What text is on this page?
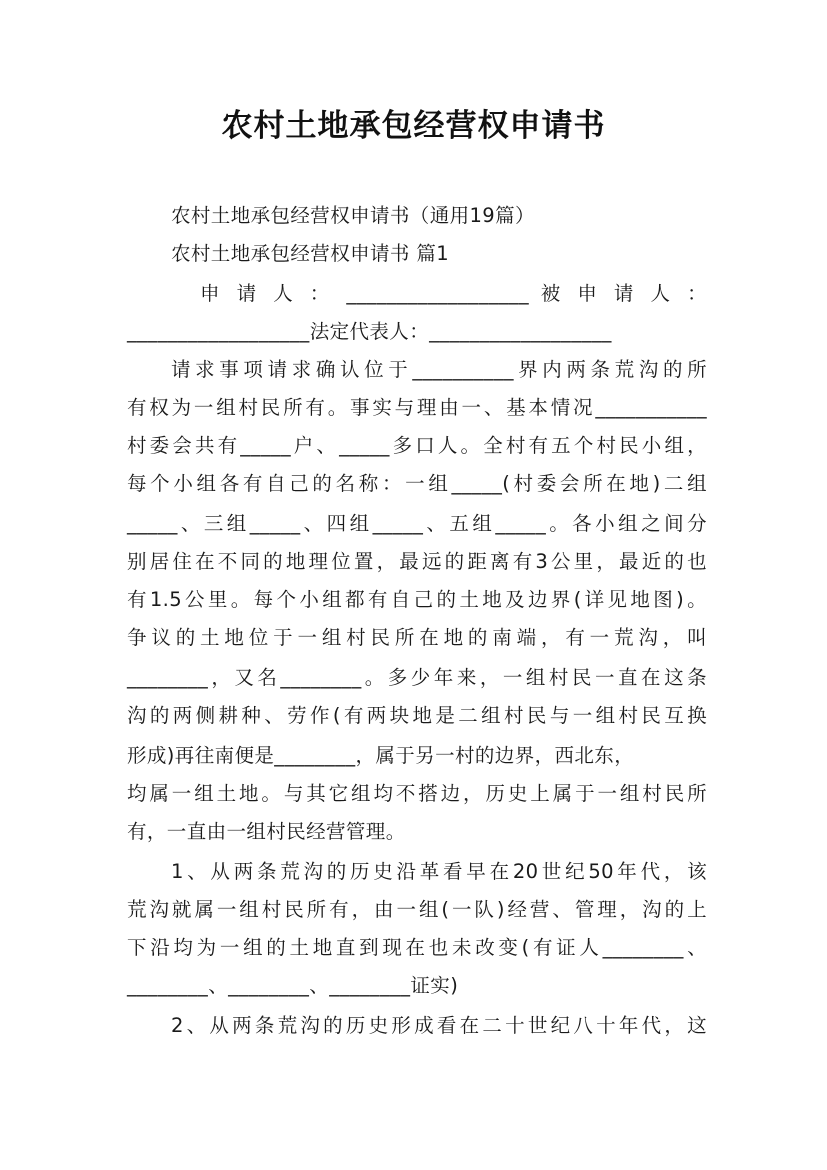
农村土地承包经营权申请书
农村土地承包经营权申请书（通用19篇）
农村土地承包经营权申请书 篇1
申 请 人 ： __________________ 被 申 请 人 ：
__________________法定代表人：__________________
请求事项请求确认位于__________界内两条荒沟的所
有权为一组村民所有。事实与理由一、基本情况___________
村委会共有_____户、_____多口人。全村有五个村民小组，
每个小组各有自己的名称：一组_____(村委会所在地)二组
_____、三组_____、四组_____、五组_____。各小组之间分
别居住在不同的地理位置，最远的距离有3公里，最近的也
有1.5公里。每个小组都有自己的土地及边界(详见地图)。
争议的土地位于一组村民所在地的南端，有一荒沟，叫
________，又名________。多少年来，一组村民一直在这条
沟的两侧耕种、劳作(有两块地是二组村民与一组村民互换
形成)再往南便是________，属于另一村的边界，西北东，
均属一组土地。与其它组均不搭边，历史上属于一组村民所
有，一直由一组村民经营管理。
1、从两条荒沟的历史沿革看早在20世纪50年代，该
荒沟就属一组村民所有，由一组(一队)经营、管理，沟的上
下沿均为一组的土地直到现在也未改变(有证人________、
________、________、________证实)
2、从两条荒沟的历史形成看在二十世纪八十年代，这
